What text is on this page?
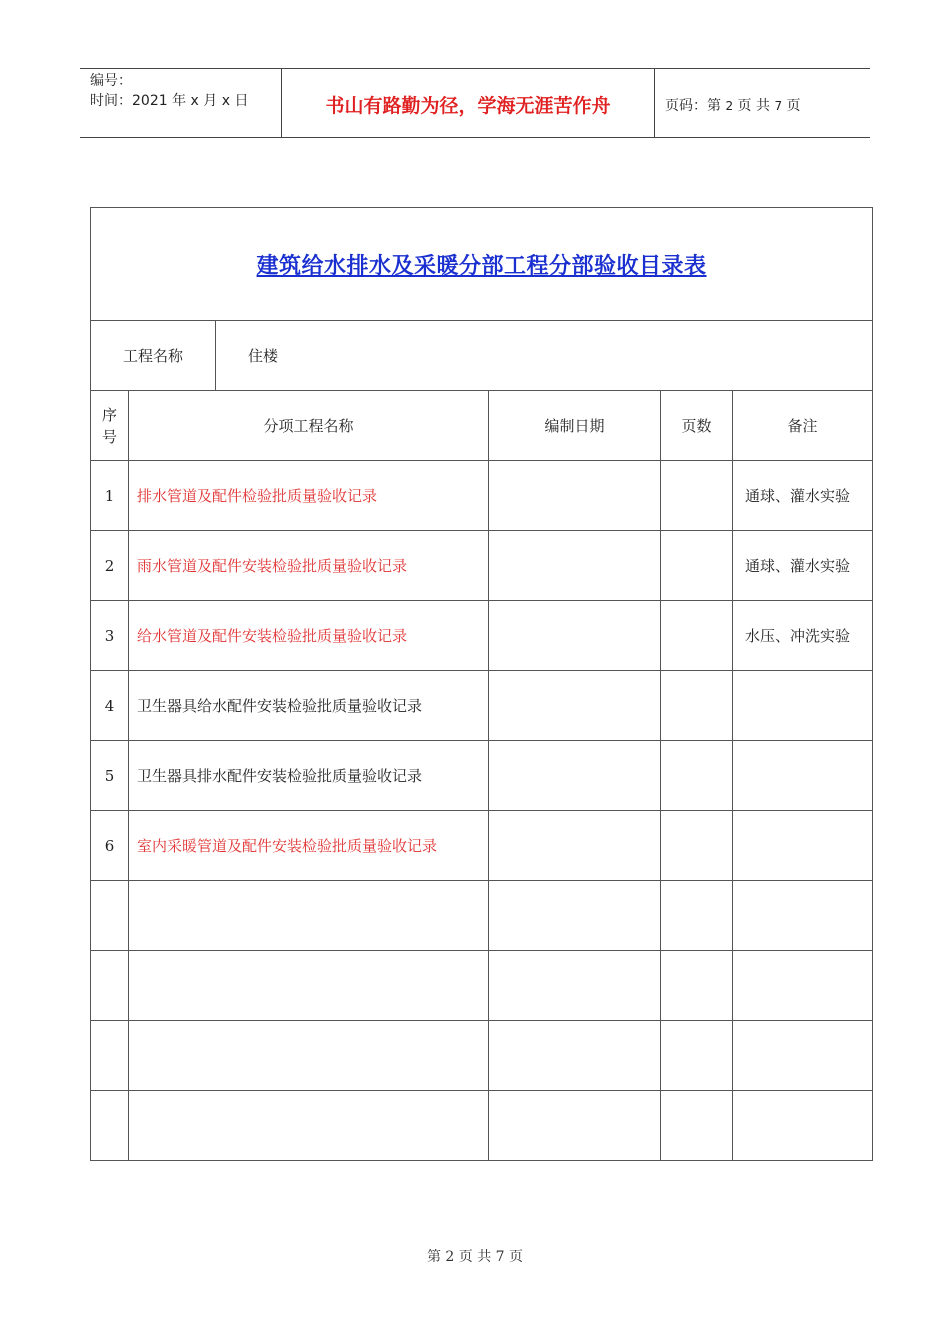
编号：
时间：2021 年 x 月 x 日	书山有路勤为径，学海无涯苦作舟	页码：第 2 页 共 7 页
建筑给水排水及采暖分部工程分部验收目录表					
工程名称		住楼			
序号	分项工程名称		编制日期	页数	备注
1	排水管道及配件检验批质量验收记录				通球、灌水实验
2	雨水管道及配件安装检验批质量验收记录				通球、灌水实验
3	给水管道及配件安装检验批质量验收记录				水压、冲洗实验
4	卫生器具给水配件安装检验批质量验收记录				
5	卫生器具排水配件安装检验批质量验收记录				
6	室内采暖管道及配件安装检验批质量验收记录				

第 2 页 共 7 页
